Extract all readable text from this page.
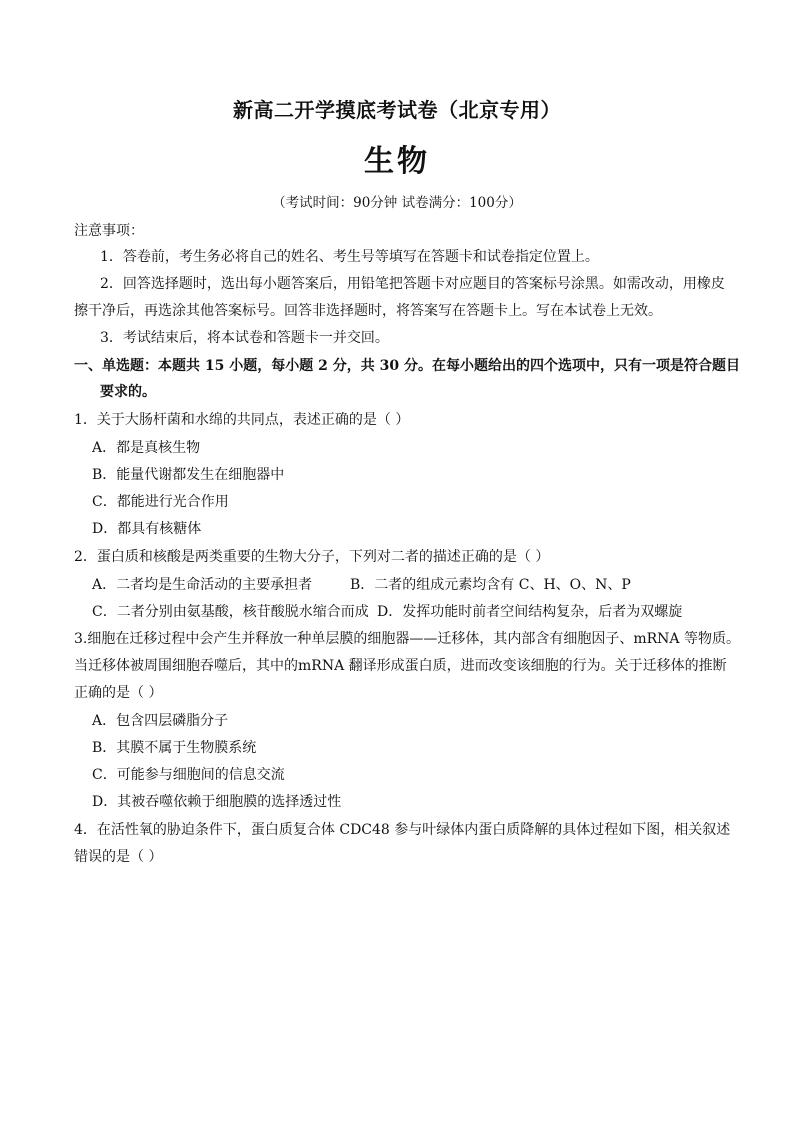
新高二开学摸底考试卷（北京专用）
生物
（考试时间：90分钟 试卷满分：100分）
注意事项：
1．答卷前，考生务必将自己的姓名、考生号等填写在答题卡和试卷指定位置上。
2．回答选择题时，选出每小题答案后，用铅笔把答题卡对应题目的答案标号涂黑。如需改动，用橡皮
擦干净后，再选涂其他答案标号。回答非选择题时，将答案写在答题卡上。写在本试卷上无效。
3．考试结束后，将本试卷和答题卡一并交回。
一、单选题：本题共 15 小题，每小题 2 分，共 30 分。在每小题给出的四个选项中，只有一项是符合题目
要求的。
1．关于大肠杆菌和水绵的共同点，表述正确的是（ ）
A．都是真核生物
B．能量代谢都发生在细胞器中
C．都能进行光合作用
D．都具有核糖体
2．蛋白质和核酸是两类重要的生物大分子，下列对二者的描述正确的是（ ）
A．二者均是生命活动的主要承担者	B．二者的组成元素均含有 C、H、O、N、P
C．二者分别由氨基酸，核苷酸脱水缩合而成 D．发挥功能时前者空间结构复杂，后者为双螺旋
3.细胞在迁移过程中会产生并释放一种单层膜的细胞器——迁移体，其内部含有细胞因子、mRNA 等物质。
当迁移体被周围细胞吞噬后，其中的mRNA 翻译形成蛋白质，进而改变该细胞的行为。关于迁移体的推断
正确的是（ ）
A．包含四层磷脂分子
B．其膜不属于生物膜系统
C．可能参与细胞间的信息交流
D．其被吞噬依赖于细胞膜的选择透过性
4．在活性氧的胁迫条件下，蛋白质复合体 CDC48 参与叶绿体内蛋白质降解的具体过程如下图，相关叙述
错误的是（ ）
